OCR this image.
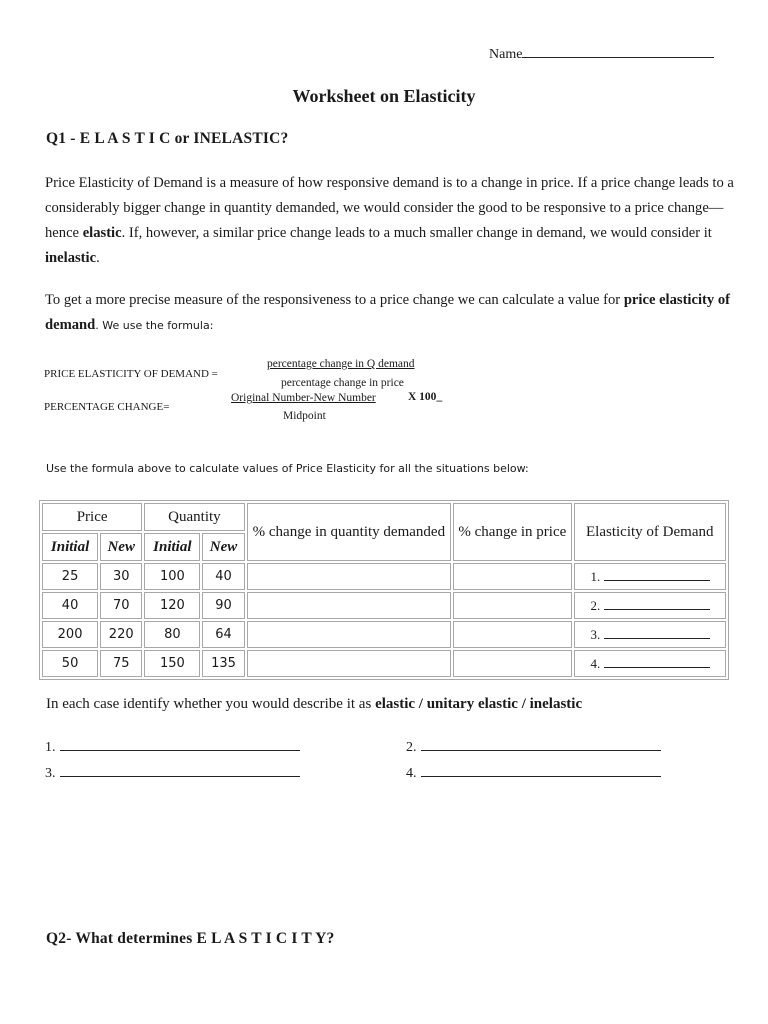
Name
Worksheet on Elasticity
Q1 - E L A S T I C or INELASTIC?
Price Elasticity of Demand is a measure of how responsive demand is to a change in price. If a price change leads to a considerably bigger change in quantity demanded, we would consider the good to be responsive to a price change—hence elastic. If, however, a similar price change leads to a much smaller change in demand, we would consider it inelastic.
To get a more precise measure of the responsiveness to a price change we can calculate a value for price elasticity of demand. We use the formula:
PRICE ELASTICITY OF DEMAND =
percentage change in Q demand
percentage change in price
PERCENTAGE CHANGE=
Original Number-New Number	X 100_
Midpoint
Use the formula above to calculate values of Price Elasticity for all the situations below:
Price		Quantity		% change in quantity demanded	% change in price	Elasticity of Demand
Initial	New	Initial	New			
25	30	100	40			1.
40	70	120	90			2.
200	220	80	64			3.
50	75	150	135			4.
In each case identify whether you would describe it as elastic / unitary elastic / inelastic
1.	2.
3.	4.
Q2- What determines E L A S T I C I T Y?
